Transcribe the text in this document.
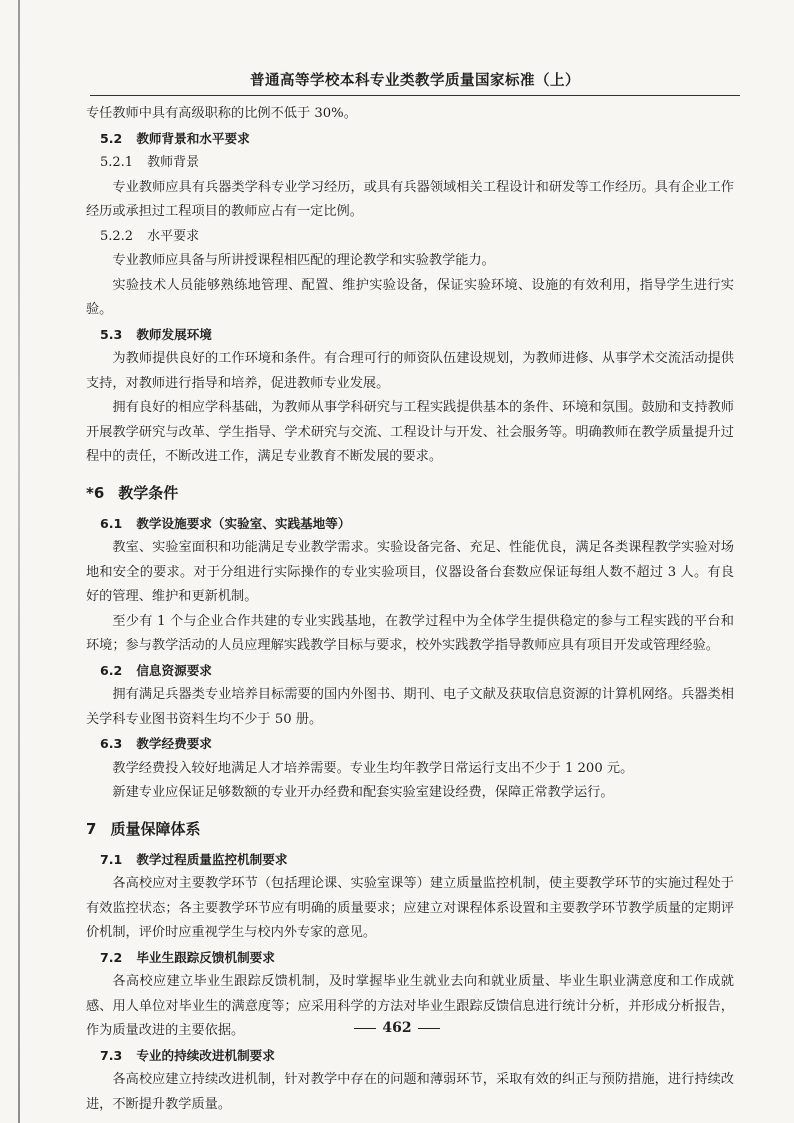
普通高等学校本科专业类教学质量国家标准（上）

专任教师中具有高级职称的比例不低于 30%。

5.2 教师背景和水平要求
5.2.1 教师背景

专业教师应具有兵器类学科专业学习经历，或具有兵器领域相关工程设计和研发等工作经历。具有企业工作经历或承担过工程项目的教师应占有一定比例。

5.2.2 水平要求

专业教师应具备与所讲授课程相匹配的理论教学和实验教学能力。

实验技术人员能够熟练地管理、配置、维护实验设备，保证实验环境、设施的有效利用，指导学生进行实验。

5.3 教师发展环境

为教师提供良好的工作环境和条件。有合理可行的师资队伍建设规划，为教师进修、从事学术交流活动提供支持，对教师进行指导和培养，促进教师专业发展。

拥有良好的相应学科基础，为教师从事学科研究与工程实践提供基本的条件、环境和氛围。鼓励和支持教师开展教学研究与改革、学生指导、学术研究与交流、工程设计与开发、社会服务等。明确教师在教学质量提升过程中的责任，不断改进工作，满足专业教育不断发展的要求。

*6 教学条件
6.1 教学设施要求（实验室、实践基地等）

教室、实验室面积和功能满足专业教学需求。实验设备完备、充足、性能优良，满足各类课程教学实验对场地和安全的要求。对于分组进行实际操作的专业实验项目，仪器设备台套数应保证每组人数不超过 3 人。有良好的管理、维护和更新机制。

至少有 1 个与企业合作共建的专业实践基地，在教学过程中为全体学生提供稳定的参与工程实践的平台和环境；参与教学活动的人员应理解实践教学目标与要求，校外实践教学指导教师应具有项目开发或管理经验。

6.2 信息资源要求

拥有满足兵器类专业培养目标需要的国内外图书、期刊、电子文献及获取信息资源的计算机网络。兵器类相关学科专业图书资料生均不少于 50 册。

6.3 教学经费要求

教学经费投入较好地满足人才培养需要。专业生均年教学日常运行支出不少于 1 200 元。

新建专业应保证足够数额的专业开办经费和配套实验室建设经费，保障正常教学运行。

7 质量保障体系
7.1 教学过程质量监控机制要求

各高校应对主要教学环节（包括理论课、实验室课等）建立质量监控机制，使主要教学环节的实施过程处于有效监控状态；各主要教学环节应有明确的质量要求；应建立对课程体系设置和主要教学环节教学质量的定期评价机制，评价时应重视学生与校内外专家的意见。

7.2 毕业生跟踪反馈机制要求

各高校应建立毕业生跟踪反馈机制，及时掌握毕业生就业去向和就业质量、毕业生职业满意度和工作成就感、用人单位对毕业生的满意度等；应采用科学的方法对毕业生跟踪反馈信息进行统计分析，并形成分析报告，作为质量改进的主要依据。

7.3 专业的持续改进机制要求

各高校应建立持续改进机制，针对教学中存在的问题和薄弱环节，采取有效的纠正与预防措施，进行持续改进，不断提升教学质量。

462
